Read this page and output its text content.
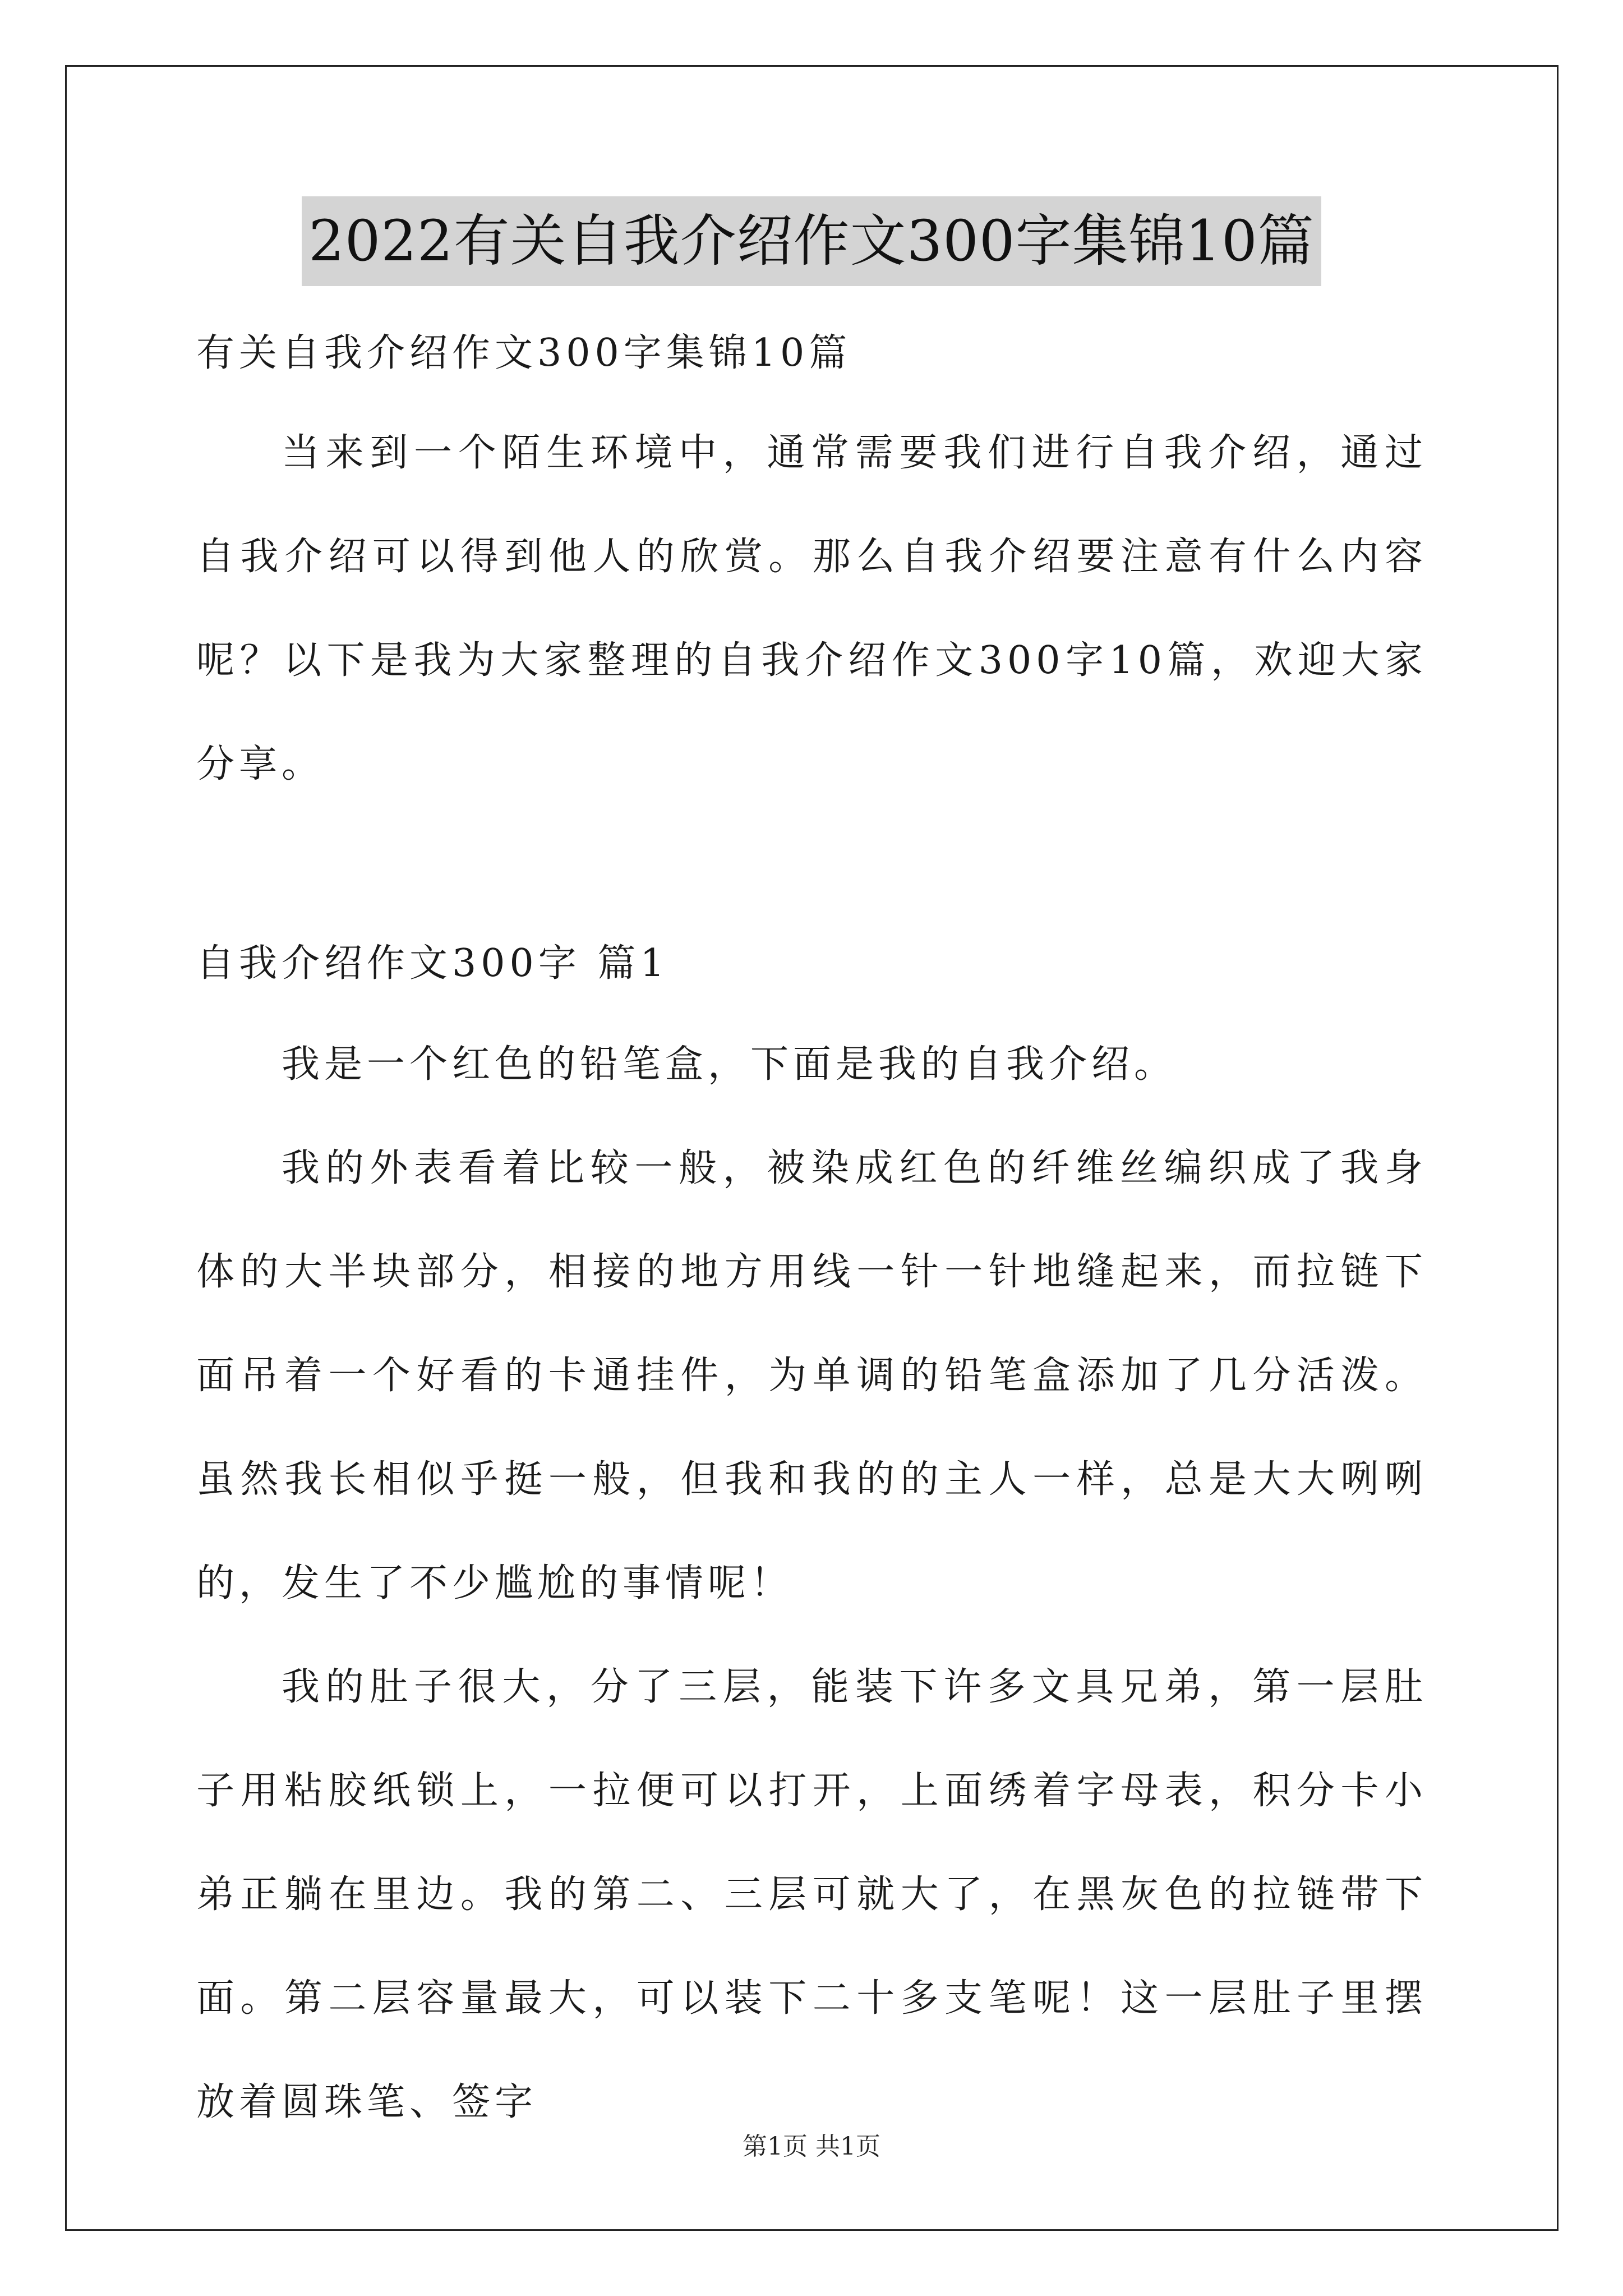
2022有关自我介绍作文300字集锦10篇

有关自我介绍作文300字集锦10篇

当来到一个陌生环境中，通常需要我们进行自我介绍，通过自我介绍可以得到他人的欣赏。那么自我介绍要注意有什么内容呢？以下是我为大家整理的自我介绍作文300字10篇，欢迎大家分享。

自我介绍作文300字 篇1

我是一个红色的铅笔盒，下面是我的自我介绍。

我的外表看着比较一般，被染成红色的纤维丝编织成了我身体的大半块部分，相接的地方用线一针一针地缝起来，而拉链下面吊着一个好看的卡通挂件，为单调的铅笔盒添加了几分活泼。虽然我长相似乎挺一般，但我和我的的主人一样，总是大大咧咧的，发生了不少尴尬的事情呢！

我的肚子很大，分了三层，能装下许多文具兄弟，第一层肚子用粘胶纸锁上，一拉便可以打开，上面绣着字母表，积分卡小弟正躺在里边。我的第二、三层可就大了，在黑灰色的拉链带下面。第二层容量最大，可以装下二十多支笔呢！这一层肚子里摆放着圆珠笔、签字

第1页 共1页
